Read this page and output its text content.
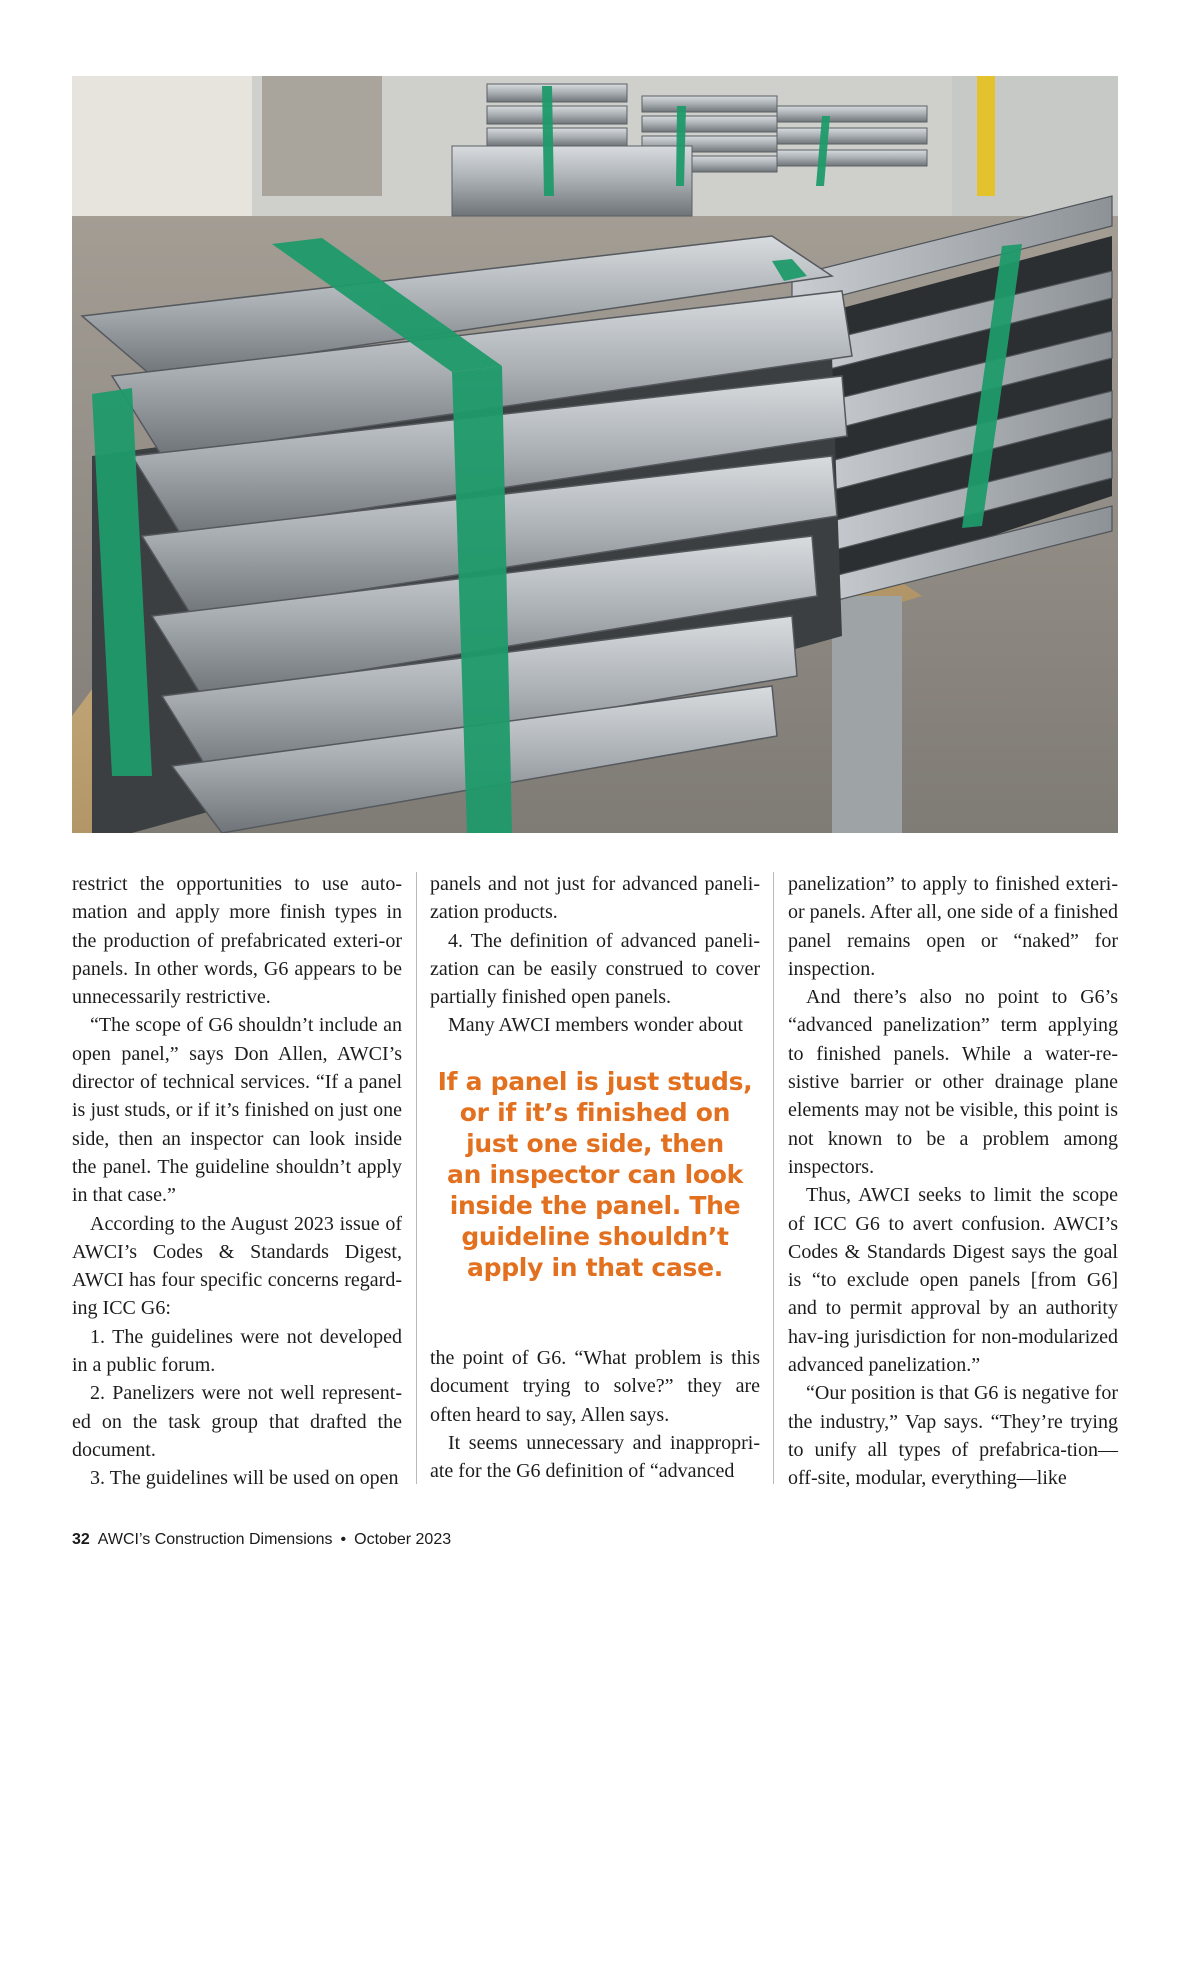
restrict the opportunities to use auto-mation and apply more finish types in the production of prefabricated exteri-or panels. In other words, G6 appears to be unnecessarily restrictive.

“The scope of G6 shouldn’t include an open panel,” says Don Allen, AWCI’s director of technical services. “If a panel is just studs, or if it’s finished on just one side, then an inspector can look inside the panel. The guideline shouldn’t apply in that case.”

According to the August 2023 issue of AWCI’s Codes & Standards Digest, AWCI has four specific concerns regard-ing ICC G6:

1. The guidelines were not developed in a public forum.

2. Panelizers were not well represent-ed on the task group that drafted the document.

3. The guidelines will be used on open

panels and not just for advanced paneli-zation products.

4. The definition of advanced paneli-zation can be easily construed to cover partially finished open panels.

Many AWCI members wonder about

If a panel is just studs,
or if it’s finished on
just one side, then
an inspector can look
inside the panel. The
guideline shouldn’t
apply in that case.

the point of G6. “What problem is this document trying to solve?” they are often heard to say, Allen says.

It seems unnecessary and inappropri-ate for the G6 definition of “advanced

panelization” to apply to finished exteri-or panels. After all, one side of a finished panel remains open or “naked” for inspection.

And there’s also no point to G6’s “advanced panelization” term applying to finished panels. While a water-re-sistive barrier or other drainage plane elements may not be visible, this point is not known to be a problem among inspectors.

Thus, AWCI seeks to limit the scope of ICC G6 to avert confusion. AWCI’s Codes & Standards Digest says the goal is “to exclude open panels [from G6] and to permit approval by an authority hav-ing jurisdiction for non-modularized advanced panelization.”

“Our position is that G6 is negative for the industry,” Vap says. “They’re trying to unify all types of prefabrica-tion—off-site, modular, everything—like

32 AWCI’s Construction Dimensions • October 2023
